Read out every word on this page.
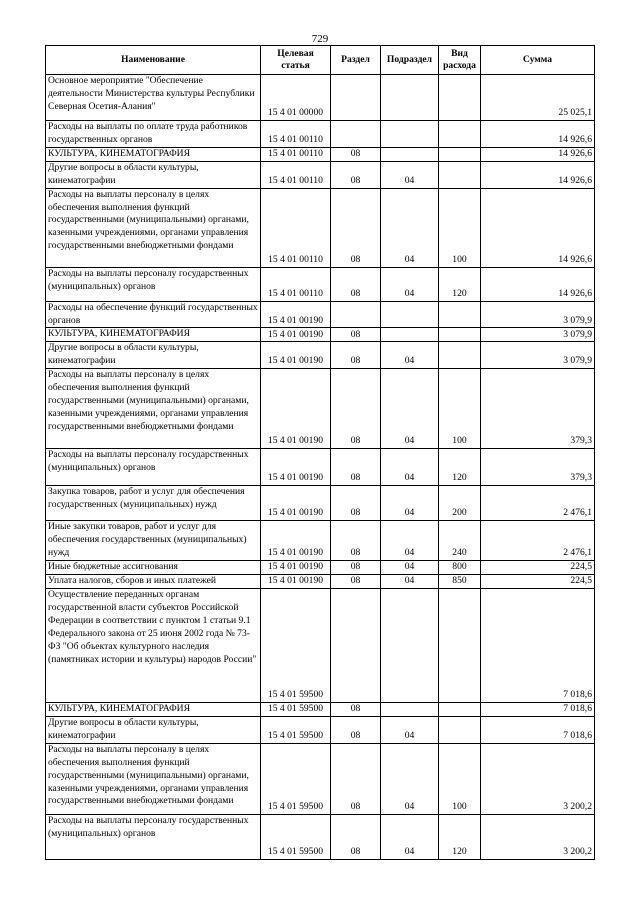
729
Наименование	Целевая статья	Раздел	Подраздел	Вид расхода	Сумма
Основное мероприятие "Обеспечение деятельности Министерства культуры Республики Северная Осетия-Алания"	15 4 01 00000				25 025,1
Расходы на выплаты по оплате труда работников государственных органов	15 4 01 00110				14 926,6
КУЛЬТУРА, КИНЕМАТОГРАФИЯ	15 4 01 00110	08			14 926,6
Другие вопросы в области культуры, кинематографии	15 4 01 00110	08	04		14 926,6
Расходы на выплаты персоналу в целях обеспечения выполнения функций государственными (муниципальными) органами, казенными учреждениями, органами управления государственными внебюджетными фондами	15 4 01 00110	08	04	100	14 926,6
Расходы на выплаты персоналу государственных (муниципальных) органов	15 4 01 00110	08	04	120	14 926,6
Расходы на обеспечение функций государственных органов	15 4 01 00190				3 079,9
КУЛЬТУРА, КИНЕМАТОГРАФИЯ	15 4 01 00190	08			3 079,9
Другие вопросы в области культуры, кинематографии	15 4 01 00190	08	04		3 079,9
Расходы на выплаты персоналу в целях обеспечения выполнения функций государственными (муниципальными) органами, казенными учреждениями, органами управления государственными внебюджетными фондами	15 4 01 00190	08	04	100	379,3
Расходы на выплаты персоналу государственных (муниципальных) органов	15 4 01 00190	08	04	120	379,3
Закупка товаров, работ и услуг для обеспечения государственных (муниципальных) нужд	15 4 01 00190	08	04	200	2 476,1
Иные закупки товаров, работ и услуг для обеспечения государственных (муниципальных) нужд	15 4 01 00190	08	04	240	2 476,1
Иные бюджетные ассигнования	15 4 01 00190	08	04	800	224,5
Уплата налогов, сборов и иных платежей	15 4 01 00190	08	04	850	224,5
Осуществление переданных органам государственной власти субъектов Российской Федерации в соответствии с пунктом 1 статьи 9.1 Федерального закона от 25 июня 2002 года № 73-ФЗ "Об объектах культурного наследия (памятниках истории и культуры) народов России"	15 4 01 59500				7 018,6
КУЛЬТУРА, КИНЕМАТОГРАФИЯ	15 4 01 59500	08			7 018,6
Другие вопросы в области культуры, кинематографии	15 4 01 59500	08	04		7 018,6
Расходы на выплаты персоналу в целях обеспечения выполнения функций государственными (муниципальными) органами, казенными учреждениями, органами управления государственными внебюджетными фондами	15 4 01 59500	08	04	100	3 200,2
Расходы на выплаты персоналу государственных (муниципальных) органов	15 4 01 59500	08	04	120	3 200,2
